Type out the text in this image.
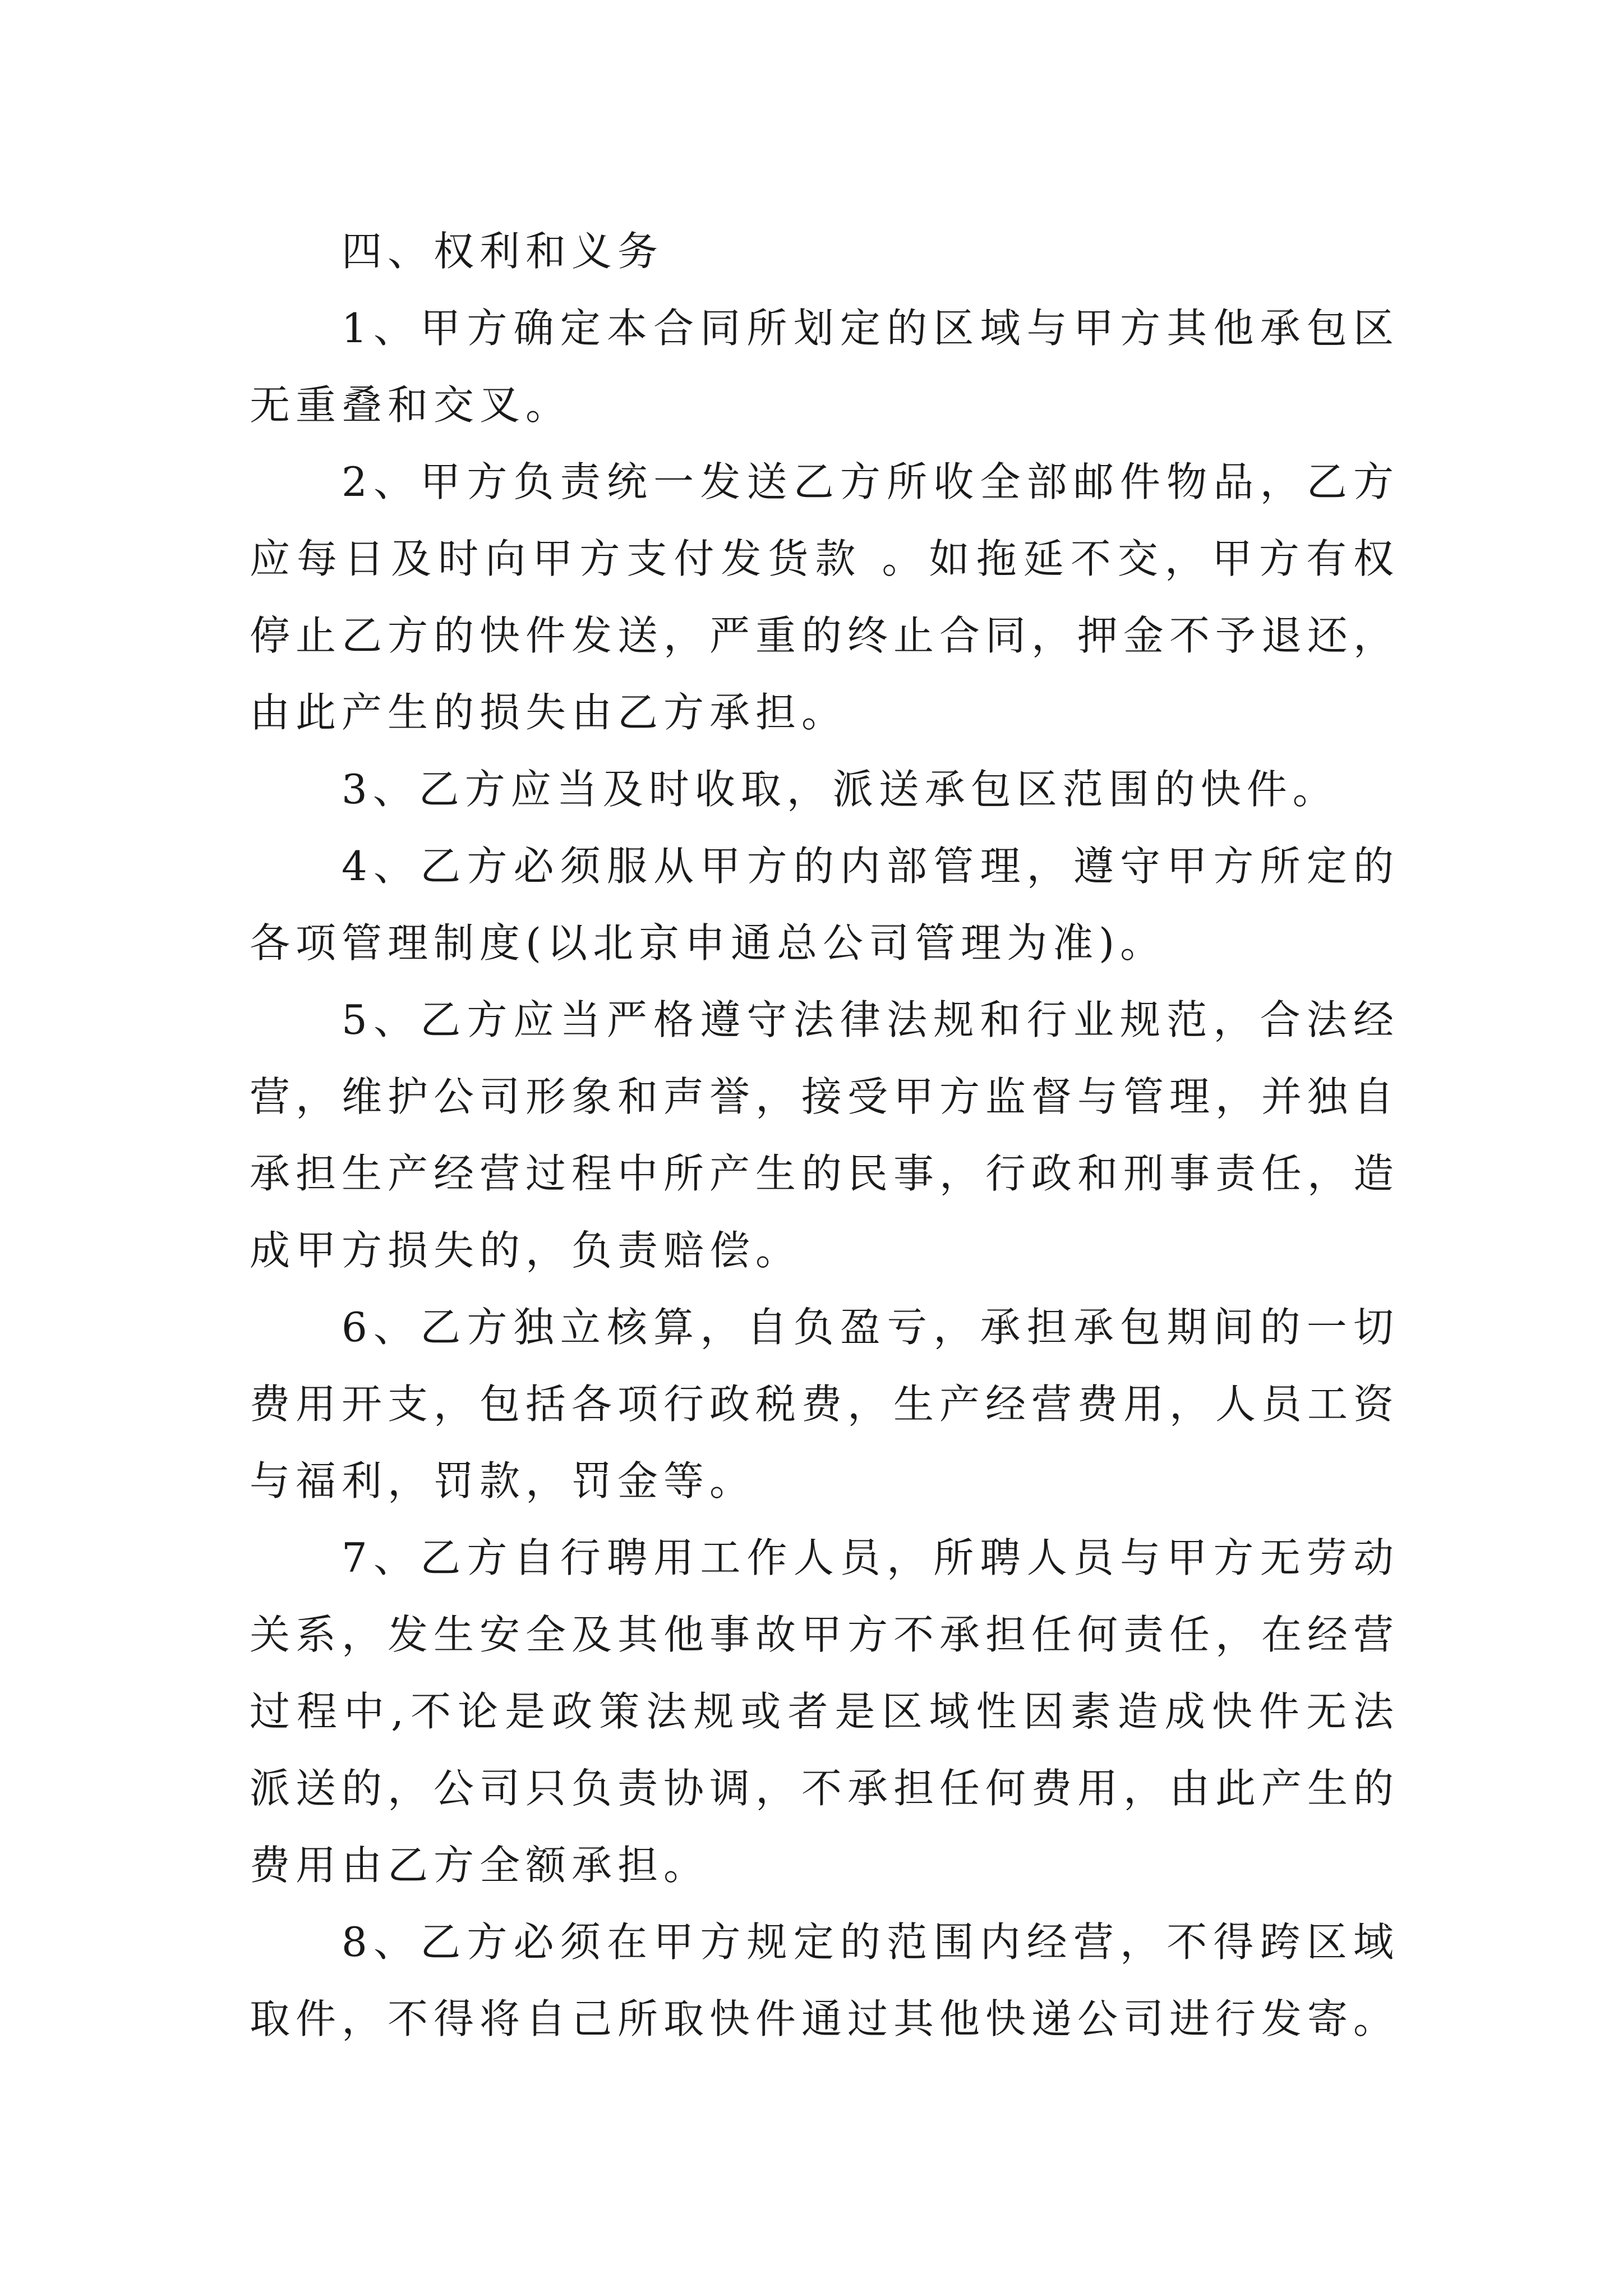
四、权利和义务

1、甲方确定本合同所划定的区域与甲方其他承包区无重叠和交叉。

2、甲方负责统一发送乙方所收全部邮件物品，乙方应每日及时向甲方支付发货款 。如拖延不交，甲方有权停止乙方的快件发送，严重的终止合同，押金不予退还，由此产生的损失由乙方承担。

3、乙方应当及时收取，派送承包区范围的快件。

4、乙方必须服从甲方的内部管理，遵守甲方所定的各项管理制度(以北京申通总公司管理为准)。

5、乙方应当严格遵守法律法规和行业规范，合法经营，维护公司形象和声誉，接受甲方监督与管理，并独自承担生产经营过程中所产生的民事，行政和刑事责任，造成甲方损失的，负责赔偿。

6、乙方独立核算，自负盈亏，承担承包期间的一切费用开支，包括各项行政税费，生产经营费用，人员工资与福利，罚款，罚金等。

7、乙方自行聘用工作人员，所聘人员与甲方无劳动关系，发生安全及其他事故甲方不承担任何责任，在经营过程中,不论是政策法规或者是区域性因素造成快件无法派送的，公司只负责协调，不承担任何费用，由此产生的费用由乙方全额承担。

8、乙方必须在甲方规定的范围内经营，不得跨区域取件，不得将自己所取快件通过其他快递公司进行发寄。
